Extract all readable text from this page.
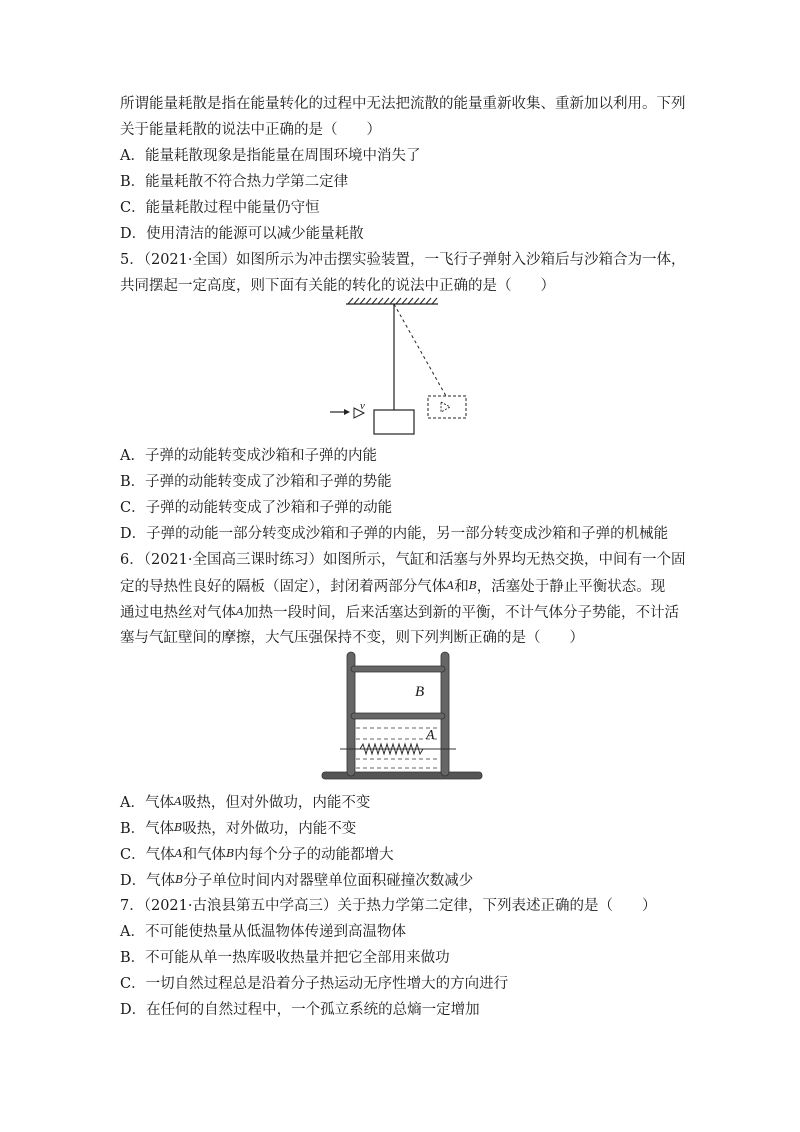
所谓能量耗散是指在能量转化的过程中无法把流散的能量重新收集、重新加以利用。下列
关于能量耗散的说法中正确的是（　　）
A．能量耗散现象是指能量在周围环境中消失了
B．能量耗散不符合热力学第二定律
C．能量耗散过程中能量仍守恒
D．使用清洁的能源可以减少能量耗散
5．（2021·全国）如图所示为冲击摆实验装置，一飞行子弹射入沙箱后与沙箱合为一体，
共同摆起一定高度，则下面有关能的转化的说法中正确的是（　　）
v
A．子弹的动能转变成沙箱和子弹的内能
B．子弹的动能转变成了沙箱和子弹的势能
C．子弹的动能转变成了沙箱和子弹的动能
D．子弹的动能一部分转变成沙箱和子弹的内能，另一部分转变成沙箱和子弹的机械能
6．（2021·全国高三课时练习）如图所示，气缸和活塞与外界均无热交换，中间有一个固
定的导热性良好的隔板（固定），封闭着两部分气体A和B，活塞处于静止平衡状态。现
通过电热丝对气体A加热一段时间，后来活塞达到新的平衡，不计气体分子势能，不计活
塞与气缸壁间的摩擦，大气压强保持不变，则下列判断正确的是（　　）
B
A
A．气体A吸热，但对外做功，内能不变
B．气体B吸热，对外做功，内能不变
C．气体A和气体B内每个分子的动能都增大
D．气体B分子单位时间内对器壁单位面积碰撞次数减少
7．（2021·古浪县第五中学高三）关于热力学第二定律，下列表述正确的是（　　）
A．不可能使热量从低温物体传递到高温物体
B．不可能从单一热库吸收热量并把它全部用来做功
C．一切自然过程总是沿着分子热运动无序性增大的方向进行
D．在任何的自然过程中，一个孤立系统的总熵一定增加
